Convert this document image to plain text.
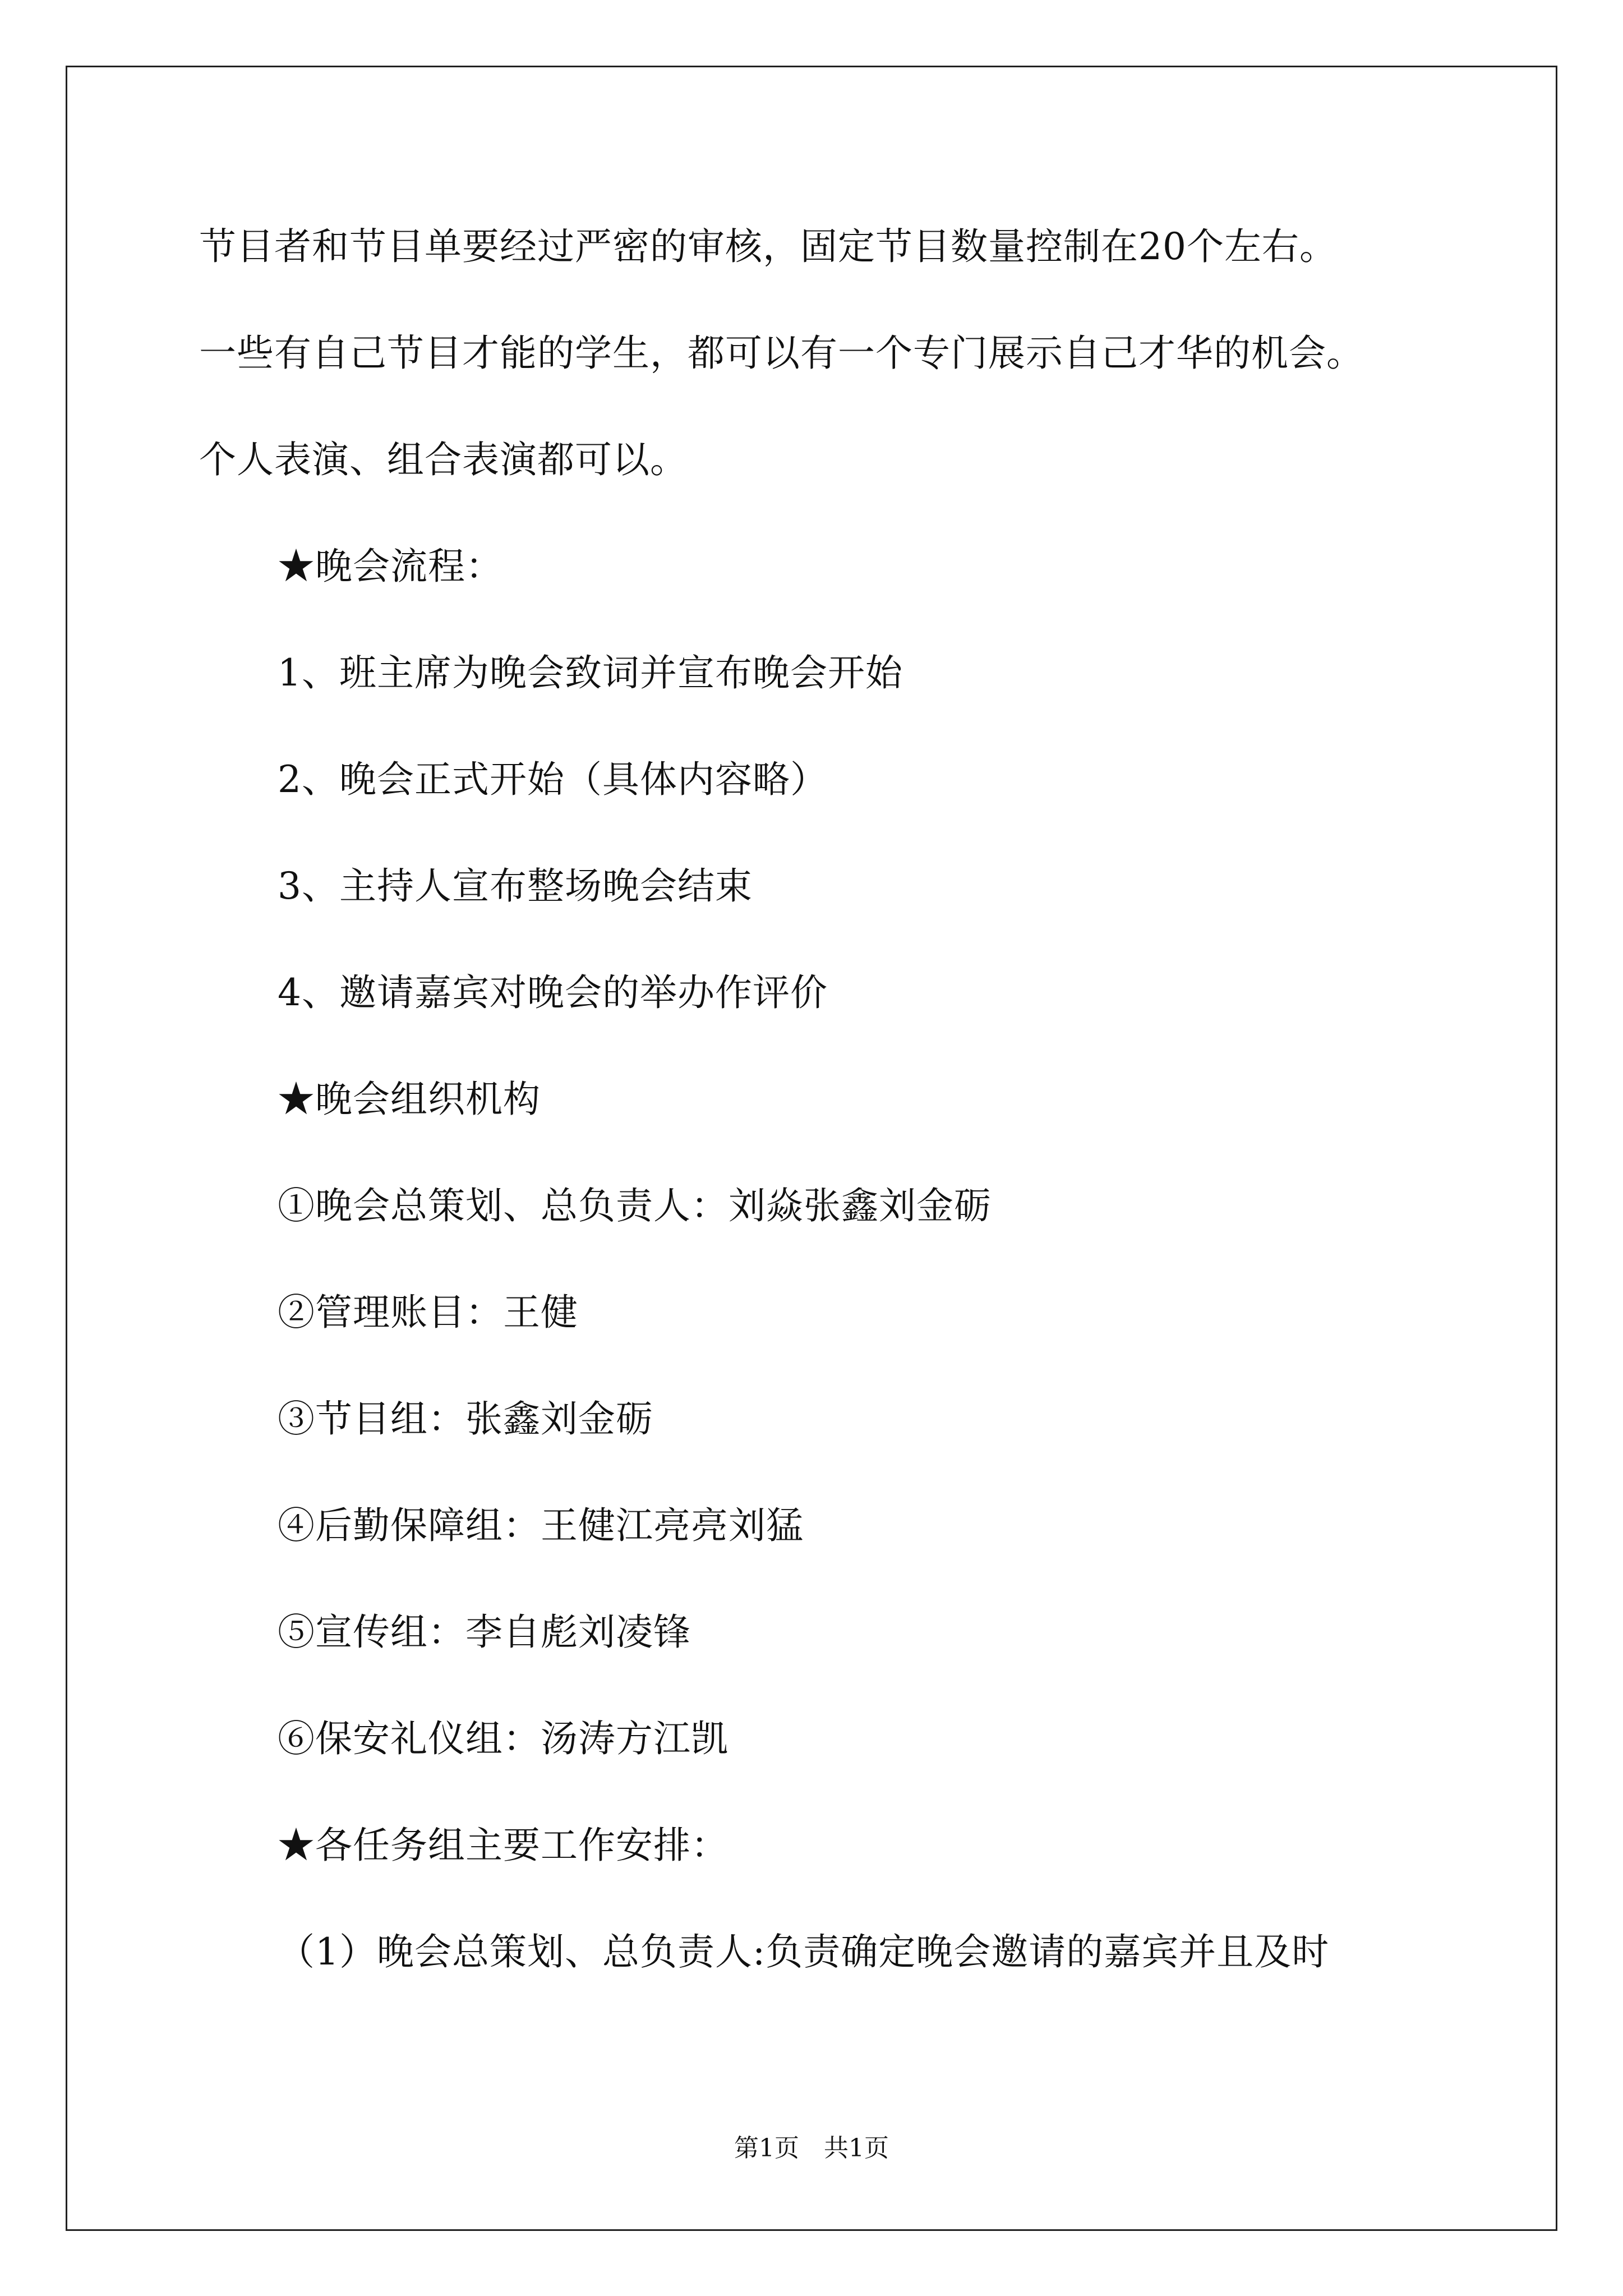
节目者和节目单要经过严密的审核，固定节目数量控制在20个左右。
一些有自己节目才能的学生，都可以有一个专门展示自己才华的机会。
个人表演、组合表演都可以。
★晚会流程：
1、班主席为晚会致词并宣布晚会开始
2、晚会正式开始（具体内容略）
3、主持人宣布整场晚会结束
4、邀请嘉宾对晚会的举办作评价
★晚会组织机构
①晚会总策划、总负责人：刘焱张鑫刘金砺
②管理账目：王健
③节目组：张鑫刘金砺
④后勤保障组：王健江亮亮刘猛
⑤宣传组：李自彪刘凌锋
⑥保安礼仪组：汤涛方江凯
★各任务组主要工作安排：
（1）晚会总策划、总负责人:负责确定晚会邀请的嘉宾并且及时
第1页　共1页
